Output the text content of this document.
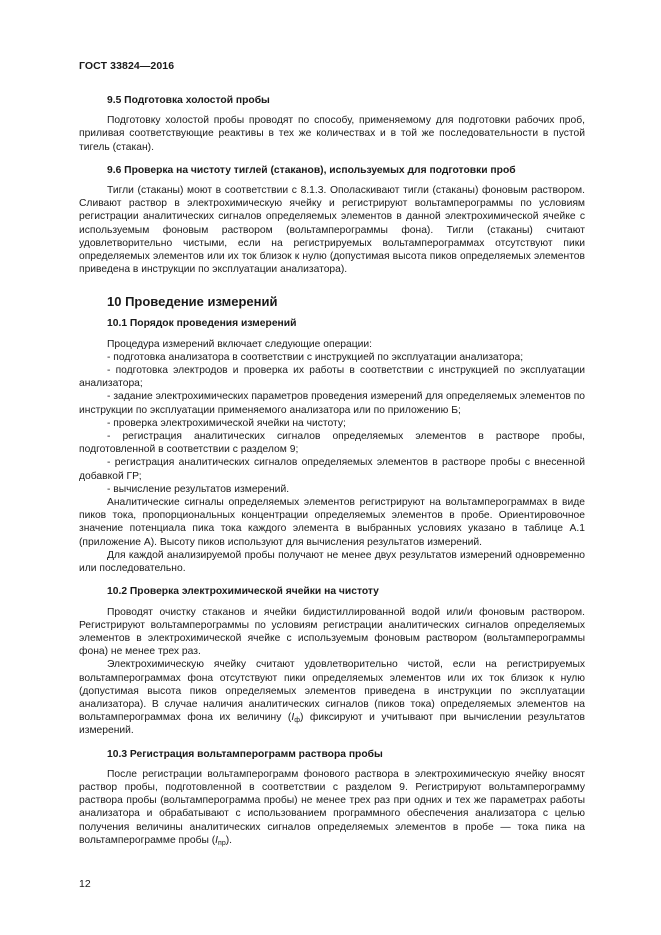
ГОСТ 33824—2016
9.5 Подготовка холостой пробы

Подготовку холостой пробы проводят по способу, применяемому для подготовки рабочих проб, приливая соответствующие реактивы в тех же количествах и в той же последовательности в пустой тигель (стакан).

9.6 Проверка на чистоту тиглей (стаканов), используемых для подготовки проб

Тигли (стаканы) моют в соответствии с 8.1.3. Ополаскивают тигли (стаканы) фоновым раствором. Сливают раствор в электрохимическую ячейку и регистрируют вольтамперограммы по условиям регистрации аналитических сигналов определяемых элементов в данной электрохимической ячейке с используемым фоновым раствором (вольтамперограммы фона). Тигли (стаканы) считают удовлетворительно чистыми, если на регистрируемых вольтамперограммах отсутствуют пики определяемых элементов или их ток близок к нулю (допустимая высота пиков определяемых элементов приведена в инструкции по эксплуатации анализатора).

10 Проведение измерений
10.1 Порядок проведения измерений

Процедура измерений включает следующие операции:

- подготовка анализатора в соответствии с инструкцией по эксплуатации анализатора;

- подготовка электродов и проверка их работы в соответствии с инструкцией по эксплуатации анализатора;

- задание электрохимических параметров проведения измерений для определяемых элементов по инструкции по эксплуатации применяемого анализатора или по приложению Б;

- проверка электрохимической ячейки на чистоту;

- регистрация аналитических сигналов определяемых элементов в растворе пробы, подготовленной в соответствии с разделом 9;

- регистрация аналитических сигналов определяемых элементов в растворе пробы с внесенной добавкой ГР;

- вычисление результатов измерений.

Аналитические сигналы определяемых элементов регистрируют на вольтамперограммах в виде пиков тока, пропорциональных концентрации определяемых элементов в пробе. Ориентировочное значение потенциала пика тока каждого элемента в выбранных условиях указано в таблице А.1 (приложение А). Высоту пиков используют для вычисления результатов измерений.

Для каждой анализируемой пробы получают не менее двух результатов измерений одновременно или последовательно.

10.2 Проверка электрохимической ячейки на чистоту

Проводят очистку стаканов и ячейки бидистиллированной водой или/и фоновым раствором. Регистрируют вольтамперограммы по условиям регистрации аналитических сигналов определяемых элементов в электрохимической ячейке с используемым фоновым раствором (вольтамперограммы фона) не менее трех раз.

Электрохимическую ячейку считают удовлетворительно чистой, если на регистрируемых вольтамперограммах фона отсутствуют пики определяемых элементов или их ток близок к нулю (допустимая высота пиков определяемых элементов приведена в инструкции по эксплуатации анализатора). В случае наличия аналитических сигналов (пиков тока) определяемых элементов на вольтамперограммах фона их величину $(I_ф)$ фиксируют и учитывают при вычислении результатов измерений.

10.3 Регистрация вольтамперограмм раствора пробы

После регистрации вольтамперограмм фонового раствора в электрохимическую ячейку вносят раствор пробы, подготовленной в соответствии с разделом 9. Регистрируют вольтамперограмму раствора пробы (вольтамперограмма пробы) не менее трех раз при одних и тех же параметрах работы анализатора и обрабатывают с использованием программного обеспечения анализатора с целью получения величины аналитических сигналов определяемых элементов в пробе — тока пика на вольтамперограмме пробы $(I_{пр})$.

12
